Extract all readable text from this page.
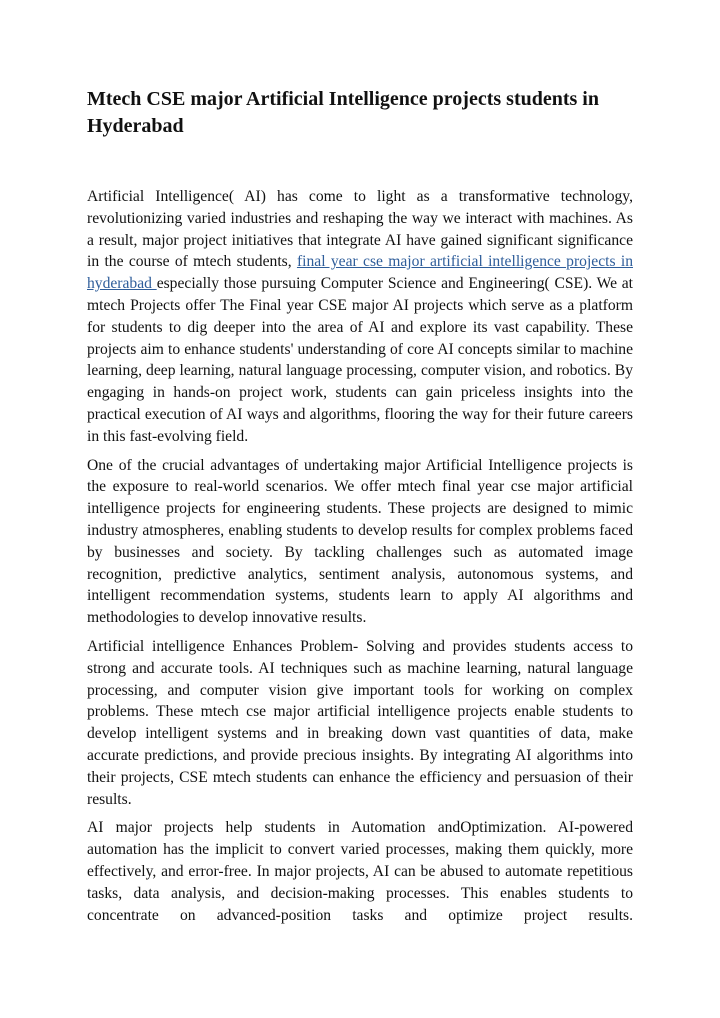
Mtech CSE major Artificial Intelligence projects students in Hyderabad

Artificial Intelligence( AI) has come to light as a transformative technology, revolutionizing varied industries and reshaping the way we interact with machines. As a result, major project initiatives that integrate AI have gained significant significance in the course of mtech students, final year cse major artificial intelligence projects in hyderabad especially those pursuing Computer Science and Engineering( CSE). We at mtech Projects offer The Final year CSE major AI projects which serve as a platform for students to dig deeper into the area of AI and explore its vast capability. These projects aim to enhance students' understanding of core AI concepts similar to machine learning, deep learning, natural language processing, computer vision, and robotics. By engaging in hands-on project work, students can gain priceless insights into the practical execution of AI ways and algorithms, flooring the way for their future careers in this fast-evolving field.

One of the crucial advantages of undertaking major Artificial Intelligence projects is the exposure to real-world scenarios. We offer mtech final year cse major artificial intelligence projects for engineering students. These projects are designed to mimic industry atmospheres, enabling students to develop results for complex problems faced by businesses and society. By tackling challenges such as automated image recognition, predictive analytics, sentiment analysis, autonomous systems, and intelligent recommendation systems, students learn to apply AI algorithms and methodologies to develop innovative results.

Artificial intelligence Enhances Problem- Solving and provides students access to strong and accurate tools. AI techniques such as machine learning, natural language processing, and computer vision give important tools for working on complex problems. These mtech cse major artificial intelligence projects enable students to develop intelligent systems and in breaking down vast quantities of data, make accurate predictions, and provide precious insights. By integrating AI algorithms into their projects, CSE mtech students can enhance the efficiency and persuasion of their results.

AI major projects help students in Automation andOptimization. AI-powered automation has the implicit to convert varied processes, making them quickly, more effectively, and error-free. In major projects, AI can be abused to automate repetitious tasks, data analysis, and decision-making processes. This enables students to concentrate on advanced-position tasks and optimize project results.
